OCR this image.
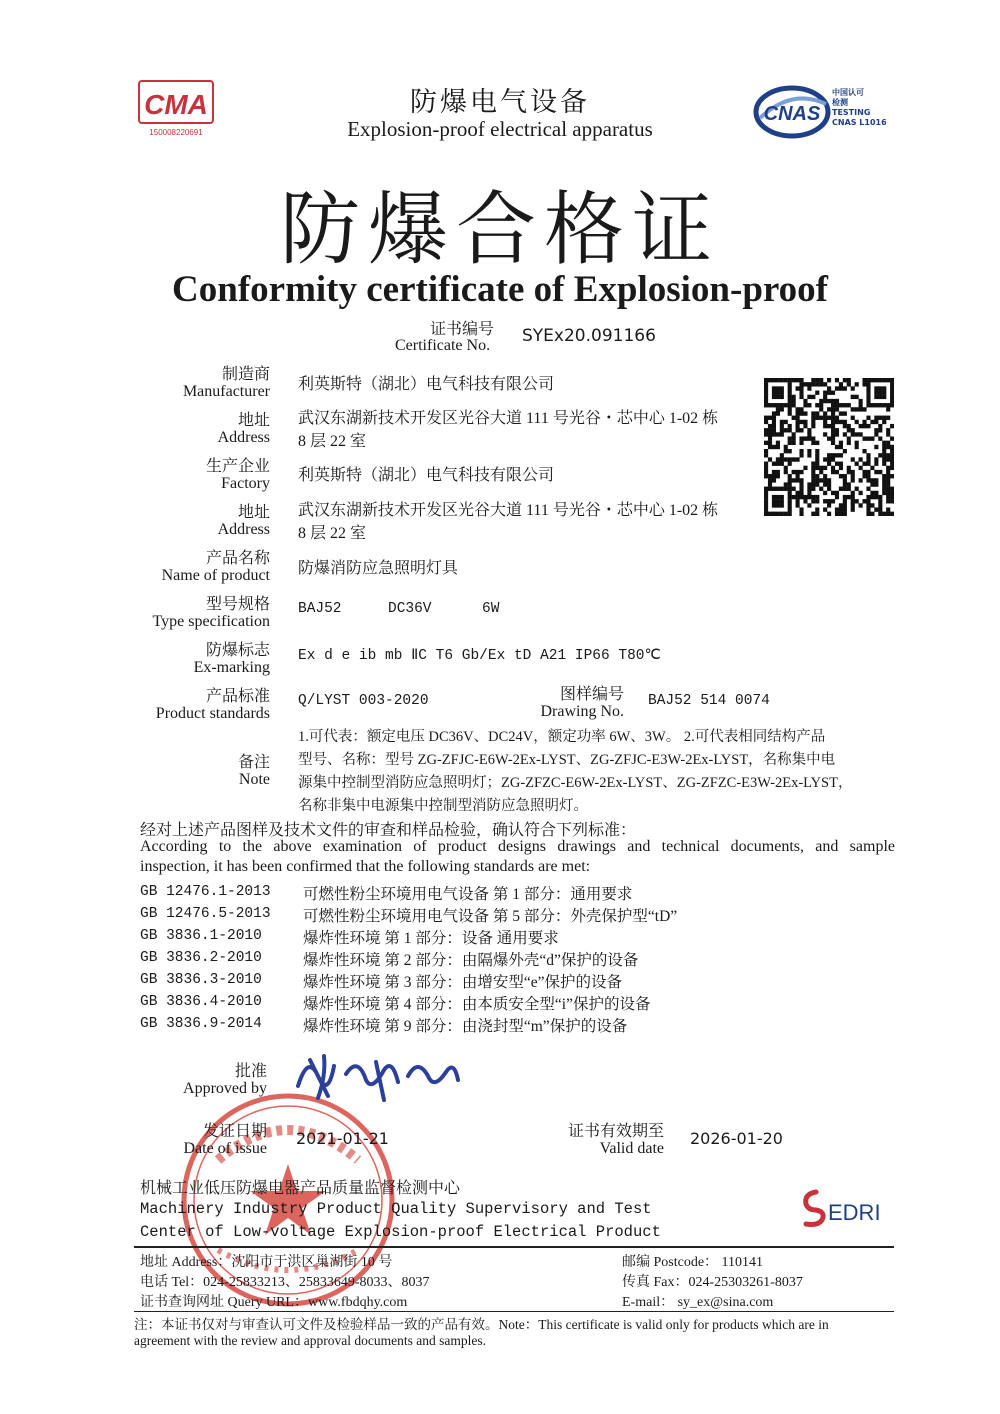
CMA
150008220691
防爆电气设备
Explosion-proof electrical apparatus
CNAS
中国认可
检测
TESTING
CNAS L1016
防爆合格证
Conformity certificate of Explosion-proof
证书编号
Certificate No. SYEx20.091166
制造商
Manufacturer 利英斯特（湖北）电气科技有限公司
地址
Address
武汉东湖新技术开发区光谷大道 111 号光谷・芯中心 1-02 栋
8 层 22 室
生产企业
Factory 利英斯特（湖北）电气科技有限公司
地址
Address
武汉东湖新技术开发区光谷大道 111 号光谷・芯中心 1-02 栋
8 层 22 室
产品名称
Name of product 防爆消防应急照明灯具
型号规格
Type specification
BAJ52	DC36V	6W
防爆标志
Ex-marking
Ex d e ib mb ⅡC T6 Gb/Ex tD A21 IP66 T80℃
产品标准
Product standards
Q/LYST 003-2020	图样编号
Drawing No.
BAJ52 514 0074
备注
Note
1.可代表：额定电压 DC36V、DC24V，额定功率 6W、3W。 2.可代表相同结构产品
型号、名称：型号 ZG-ZFJC-E6W-2Ex-LYST、ZG-ZFJC-E3W-2Ex-LYST，名称集中电
源集中控制型消防应急照明灯；ZG-ZFZC-E6W-2Ex-LYST、ZG-ZFZC-E3W-2Ex-LYST，
名称非集中电源集中控制型消防应急照明灯。
经对上述产品图样及技术文件的审查和样品检验，确认符合下列标准：
According to the above examination of product designs drawings and technical documents, and sample
inspection, it has been confirmed that the following standards are met:
GB 12476.1-2013 可燃性粉尘环境用电气设备 第 1 部分：通用要求
GB 12476.5-2013 可燃性粉尘环境用电气设备 第 5 部分：外壳保护型“tD”
GB 3836.1-2010	爆炸性环境 第 1 部分：设备 通用要求
GB 3836.2-2010	爆炸性环境 第 2 部分：由隔爆外壳“d”保护的设备
GB 3836.3-2010	爆炸性环境 第 3 部分：由增安型“e”保护的设备
GB 3836.4-2010	爆炸性环境 第 4 部分：由本质安全型“i”保护的设备
GB 3836.9-2014	爆炸性环境 第 9 部分：由浇封型“m”保护的设备
批准
Approved by
发证日期
Date of issue
2021-01-21	证书有效期至
Valid date
2026-01-20
机械工业低压防爆电器产品质量监督检测中心
Machinery Industry Product Quality Supervisory and Test
Center of Low-voltage Explosion-proof Electrical Product
EDRI
地址 Address：沈阳市于洪区巢湖街 10 号	邮编 Postcode： 110141
电话 Tel：024-25833213、25833649-8033、8037	传真 Fax：024-25303261-8037
证书查询网址 Query URL：www.fbdqhy.com	E-mail： sy_ex@sina.com
注：本证书仅对与审查认可文件及检验样品一致的产品有效。Note：This certificate is valid only for products which are in
agreement with the review and approval documents and samples.
